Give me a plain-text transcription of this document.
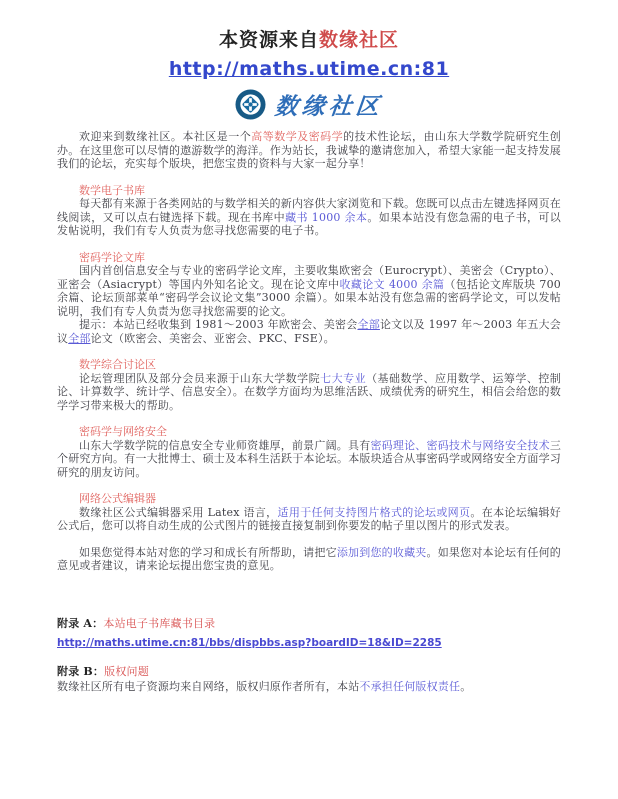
本资源来自数缘社区
http://maths.utime.cn:81
数缘社区

欢迎来到数缘社区。本社区是一个高等数学及密码学的技术性论坛，由山东大学数学院研究生创办。在这里您可以尽情的遨游数学的海洋。作为站长，我诚挚的邀请您加入，希望大家能一起支持发展我们的论坛，充实每个版块，把您宝贵的资料与大家一起分享！

数学电子书库

每天都有来源于各类网站的与数学相关的新内容供大家浏览和下载。您既可以点击左键选择网页在线阅读，又可以点右键选择下载。现在书库中藏书 1000 余本。如果本站没有您急需的电子书，可以发帖说明，我们有专人负责为您寻找您需要的电子书。

密码学论文库

国内首创信息安全与专业的密码学论文库，主要收集欧密会（Eurocrypt）、美密会（Crypto）、亚密会（Asiacrypt）等国内外知名论文。现在论文库中收藏论文 4000 余篇（包括论文库版块 700 余篇、论坛顶部菜单“密码学会议论文集”3000 余篇）。如果本站没有您急需的密码学论文，可以发帖说明，我们有专人负责为您寻找您需要的论文。

提示：本站已经收集到 1981～2003 年欧密会、美密会全部论文以及 1997 年～2003 年五大会议全部论文（欧密会、美密会、亚密会、PKC、FSE）。

数学综合讨论区

论坛管理团队及部分会员来源于山东大学数学院七大专业（基础数学、应用数学、运筹学、控制论、计算数学、统计学、信息安全）。在数学方面均为思维活跃、成绩优秀的研究生，相信会给您的数学学习带来极大的帮助。

密码学与网络安全

山东大学数学院的信息安全专业师资雄厚，前景广阔。具有密码理论、密码技术与网络安全技术三个研究方向。有一大批博士、硕士及本科生活跃于本论坛。本版块适合从事密码学或网络安全方面学习研究的朋友访问。

网络公式编辑器

数缘社区公式编辑器采用 Latex 语言，适用于任何支持图片格式的论坛或网页。在本论坛编辑好公式后，您可以将自动生成的公式图片的链接直接复制到你要发的帖子里以图片的形式发表。

如果您觉得本站对您的学习和成长有所帮助，请把它添加到您的收藏夹。如果您对本论坛有任何的意见或者建议，请来论坛提出您宝贵的意见。

附录 A：本站电子书库藏书目录

http://maths.utime.cn:81/bbs/dispbbs.asp?boardID=18&ID=2285

附录 B：版权问题

数缘社区所有电子资源均来自网络，版权归原作者所有，本站不承担任何版权责任。
